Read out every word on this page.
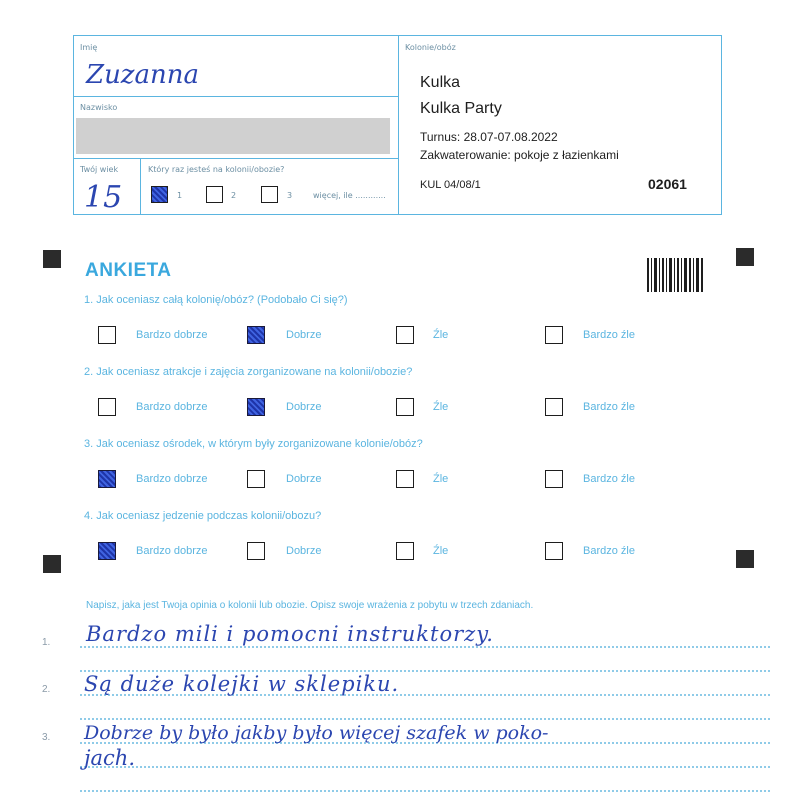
Imię
Zuzanna
Nazwisko
Twój wiek
15
Który raz jesteś na kolonii/obozie?
1	2	3	więcej, ile ............
Kolonie/obóz
Kulka
Kulka Party
Turnus: 28.07-07.08.2022
Zakwaterowanie: pokoje z łazienkami
KUL 04/08/1	02061
ANKIETA
1. Jak oceniasz całą kolonię/obóz? (Podobało Ci się?)
Bardzo dobrze	Dobrze	Źle	Bardzo źle
2. Jak oceniasz atrakcje i zajęcia zorganizowane na kolonii/obozie?
Bardzo dobrze	Dobrze	Źle	Bardzo źle
3. Jak oceniasz ośrodek, w którym były zorganizowane kolonie/obóz?
Bardzo dobrze	Dobrze	Źle	Bardzo źle
4. Jak oceniasz jedzenie podczas kolonii/obozu?
Bardzo dobrze	Dobrze	Źle	Bardzo źle
Napisz, jaka jest Twoja opinia o kolonii lub obozie. Opisz swoje wrażenia z pobytu w trzech zdaniach.
1.
2.
3.
Bardzo mili i pomocni instruktorzy.
Są duże kolejki w sklepiku.
Dobrze by było jakby było więcej szafek w poko-
jach.
